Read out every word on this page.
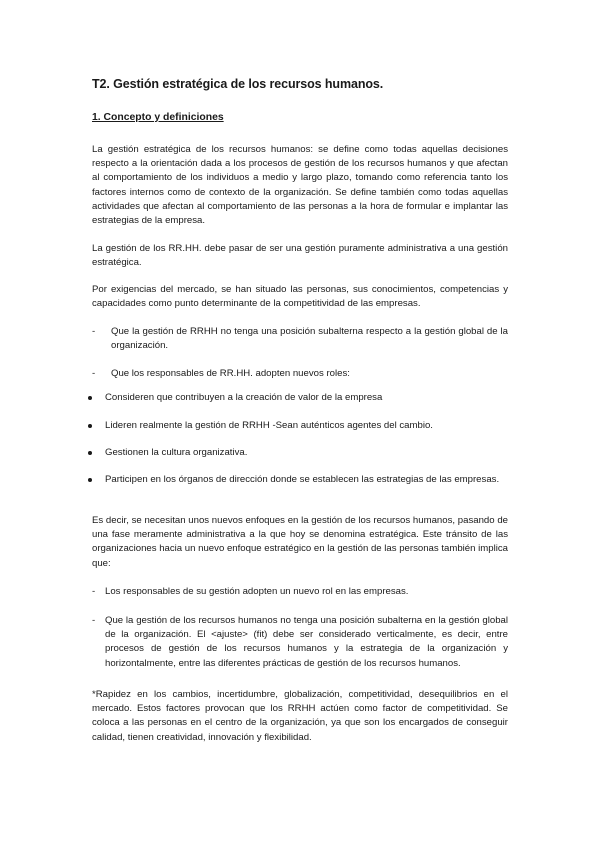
T2. Gestión estratégica de los recursos humanos.
1. Concepto y definiciones

La gestión estratégica de los recursos humanos: se define como todas aquellas decisiones respecto a la orientación dada a los procesos de gestión de los recursos humanos y que afectan al comportamiento de los individuos a medio y largo plazo, tomando como referencia tanto los factores internos como de contexto de la organización. Se define también como todas aquellas actividades que afectan al comportamiento de las personas a la hora de formular e implantar las estrategias de la empresa.

La gestión de los RR.HH. debe pasar de ser una gestión puramente administrativa a una gestión estratégica.

Por exigencias del mercado, se han situado las personas, sus conocimientos, competencias y capacidades como punto determinante de la competitividad de las empresas.

- Que la gestión de RRHH no tenga una posición subalterna respecto a la gestión global de la organización.

- Que los responsables de RR.HH. adopten nuevos roles:

Consideren que contribuyen a la creación de valor de la empresa

Lideren realmente la gestión de RRHH -Sean auténticos agentes del cambio.

Gestionen la cultura organizativa.

Participen en los órganos de dirección donde se establecen las estrategias de las empresas.

Es decir, se necesitan unos nuevos enfoques en la gestión de los recursos humanos, pasando de una fase meramente administrativa a la que hoy se denomina estratégica. Este tránsito de las organizaciones hacia un nuevo enfoque estratégico en la gestión de las personas también implica que:

- Los responsables de su gestión adopten un nuevo rol en las empresas.

- Que la gestión de los recursos humanos no tenga una posición subalterna en la gestión global de la organización. El <ajuste> (fit) debe ser considerado verticalmente, es decir, entre procesos de gestión de los recursos humanos y la estrategia de la organización y horizontalmente, entre las diferentes prácticas de gestión de los recursos humanos.

*Rapidez en los cambios, incertidumbre, globalización, competitividad, desequilibrios en el mercado. Estos factores provocan que los RRHH actúen como factor de competitividad. Se coloca a las personas en el centro de la organización, ya que son los encargados de conseguir calidad, tienen creatividad, innovación y flexibilidad.
